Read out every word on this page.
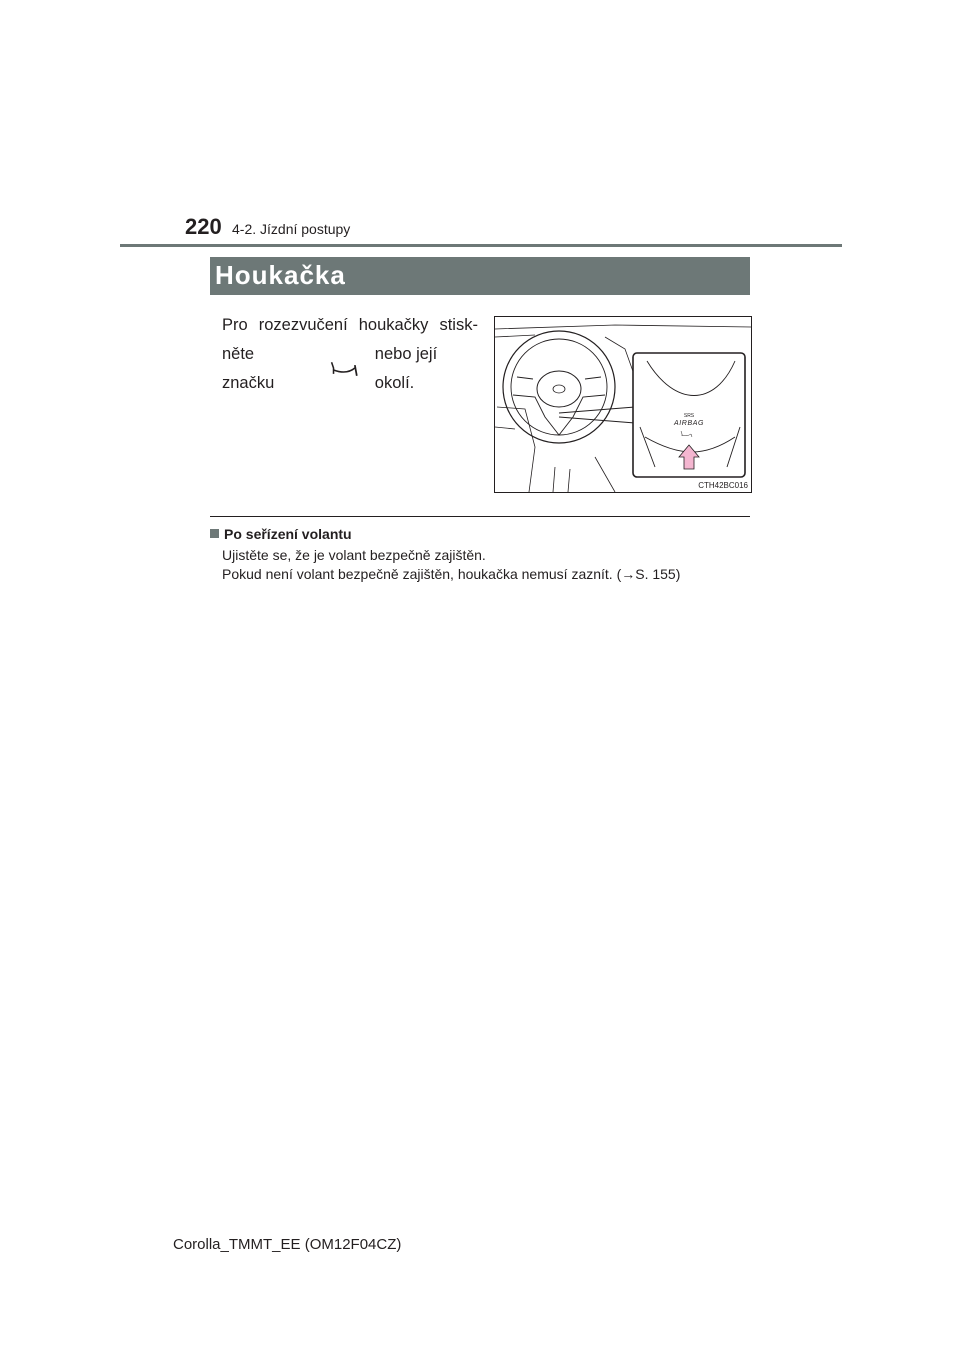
220 4-2. Jízdní postupy
Houkačka
Pro rozezvučení houkačky stisk-
něte značku
nebo její okolí.
SRS
AIRBAG
CTH42BC016
Po seřízení volantu
Ujistěte se, že je volant bezpečně zajištěn.
Pokud není volant bezpečně zajištěn, houkačka nemusí zaznít. (→S. 155)
Corolla_TMMT_EE (OM12F04CZ)
